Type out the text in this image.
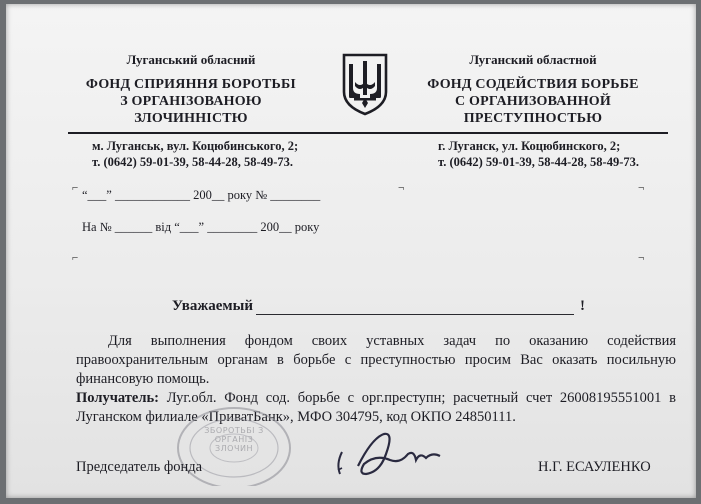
Луганський обласний
ФОНД СПРИЯННЯ БОРОТЬБІ
З ОРГАНІЗОВАНОЮ
ЗЛОЧИННІСТЮ
Луганский областной
ФОНД СОДЕЙСТВИЯ БОРЬБЕ
С ОРГАНИЗОВАННОЙ
ПРЕСТУПНОСТЬЮ
м. Луганськ, вул. Коцюбинського, 2;
т. (0642) 59-01-39, 58-44-28, 58-49-73.
г. Луганск, ул. Коцюбинского, 2;
т. (0642) 59-01-39, 58-44-28, 58-49-73.
⌐	¬	¬
⌐	¬
“___” ____________ 200__ року № ________
На № ______ від “___” ________ 200__ року
Уважаемый	!
Для выполнения фондом своих уставных задач по оказанию содействия правоохранительным органам в борьбе с преступностью просим Вас оказать посильную финансовую помощь.
Получатель: Луг.обл. Фонд сод. борьбе с орг.преступн; расчетный счет 26008195551001 в Луганском филиале «ПриватБанк», МФО 304795, код ОКПО 24850111.
ЗБОРОТЬБІ З ОРГАНІЗ ЗЛОЧИН
Председатель фонда	Н.Г. ЕСАУЛЕНКО
